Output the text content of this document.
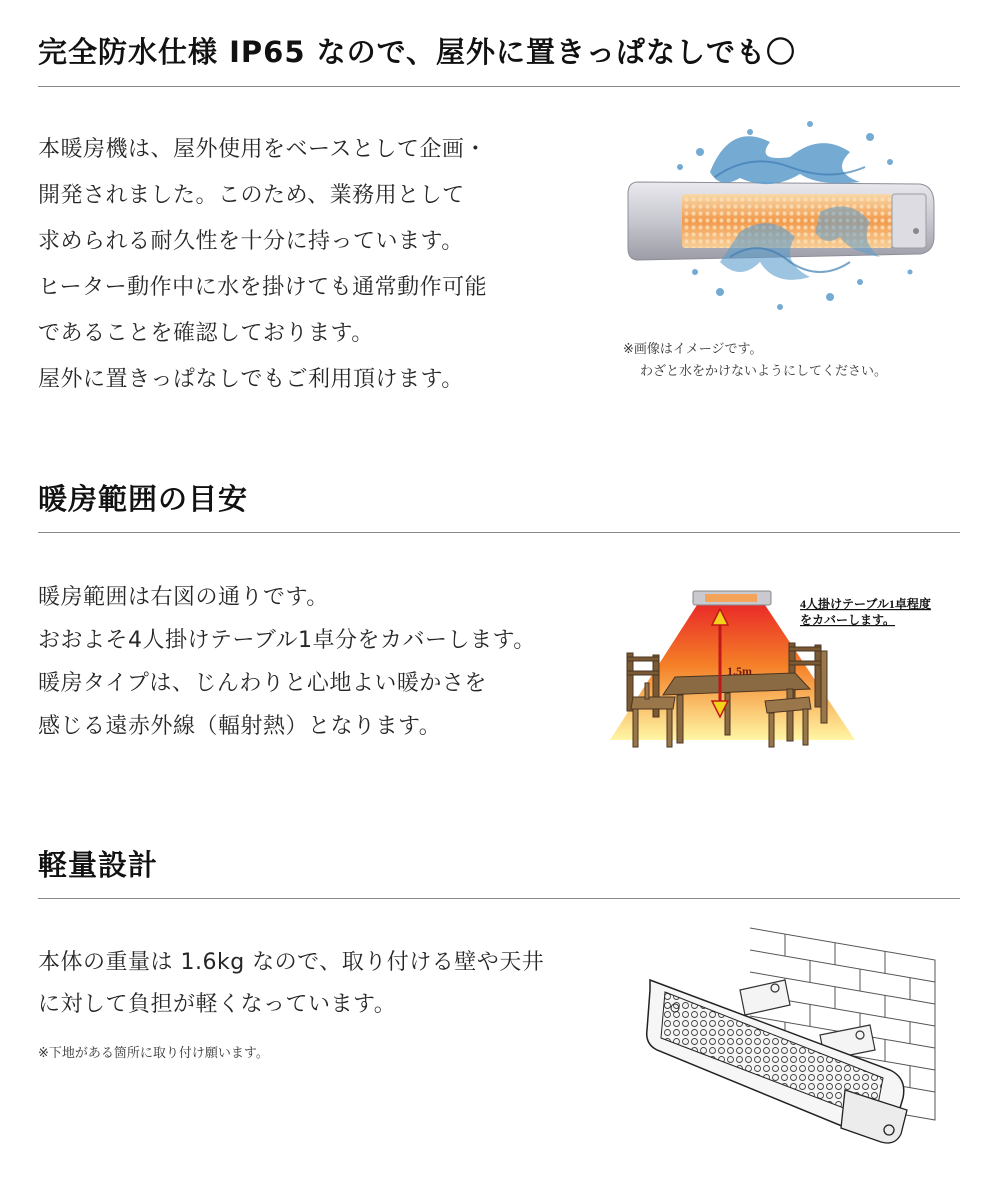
完全防水仕様 IP65 なので、屋外に置きっぱなしでも〇
本暖房機は、屋外使用をベースとして企画・
開発されました。このため、業務用として
求められる耐久性を十分に持っています。
ヒーター動作中に水を掛けても通常動作可能
であることを確認しております。
屋外に置きっぱなしでもご利用頂けます。
※画像はイメージです。
わざと水をかけないようにしてください。
暖房範囲の目安
暖房範囲は右図の通りです。
おおよそ4人掛けテーブル1卓分をカバーします。
暖房タイプは、じんわりと心地よい暖かさを
感じる遠赤外線（輻射熱）となります。
1.5m
4人掛けテーブル1卓程度
をカバーします。
軽量設計
本体の重量は 1.6kg なので、取り付ける壁や天井
に対して負担が軽くなっています。
※下地がある箇所に取り付け願います。
